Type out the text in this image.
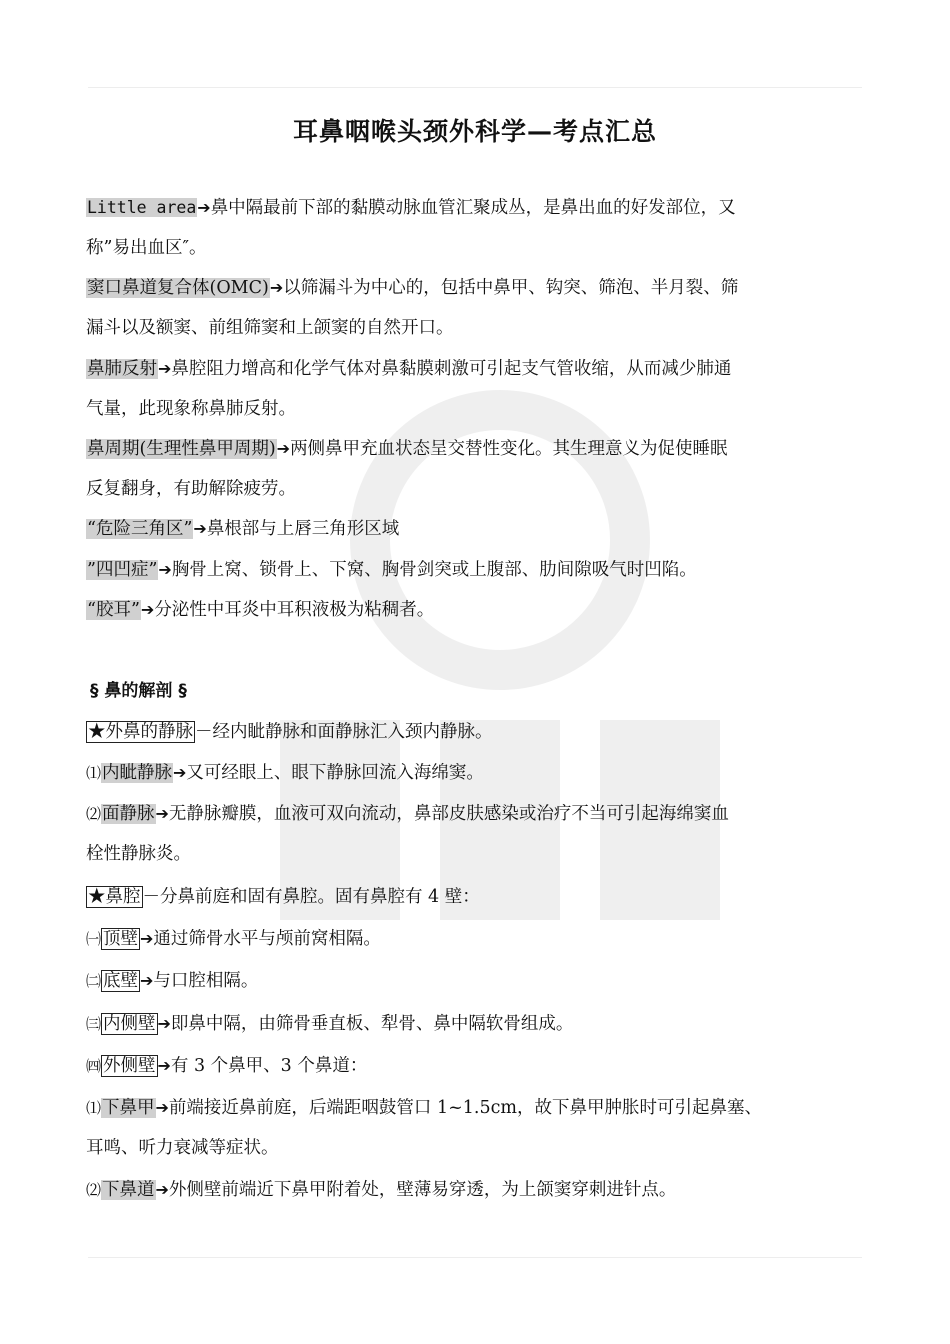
耳鼻咽喉头颈外科学—考点汇总
Little area➔鼻中隔最前下部的黏膜动脉血管汇聚成丛，是鼻出血的好发部位，又
称”易出血区″。
窦口鼻道复合体(OMC)➔以筛漏斗为中心的，包括中鼻甲、钩突、筛泡、半月裂、筛
漏斗以及额窦、前组筛窦和上颌窦的自然开口。
鼻肺反射➔鼻腔阻力增高和化学气体对鼻黏膜刺激可引起支气管收缩，从而减少肺通
气量，此现象称鼻肺反射。
鼻周期(生理性鼻甲周期)➔两侧鼻甲充血状态呈交替性变化。其生理意义为促使睡眠
反复翻身，有助解除疲劳。
“危险三角区”➔鼻根部与上唇三角形区域
”四凹症”➔胸骨上窝、锁骨上、下窝、胸骨剑突或上腹部、肋间隙吸气时凹陷。
“胶耳”➔分泌性中耳炎中耳积液极为粘稠者。
§ 鼻的解剖 §
★外鼻的静脉 －经内眦静脉和面静脉汇入颈内静脉。
⑴内眦静脉➔又可经眼上、眼下静脉回流入海绵窦。
⑵面静脉➔无静脉瓣膜，血液可双向流动，鼻部皮肤感染或治疗不当可引起海绵窦血
栓性静脉炎。
★鼻腔 －分鼻前庭和固有鼻腔。固有鼻腔有 4 壁：
㈠ 顶壁 ➔通过筛骨水平与颅前窝相隔。
㈡ 底壁 ➔与口腔相隔。
㈢ 内侧壁 ➔即鼻中隔，由筛骨垂直板、犁骨、鼻中隔软骨组成。
㈣ 外侧壁 ➔有 3 个鼻甲、3 个鼻道：
⑴下鼻甲➔前端接近鼻前庭，后端距咽鼓管口 1~1.5cm，故下鼻甲肿胀时可引起鼻塞、
耳鸣、听力衰减等症状。
⑵下鼻道➔外侧壁前端近下鼻甲附着处，壁薄易穿透，为上颌窦穿刺进针点。
